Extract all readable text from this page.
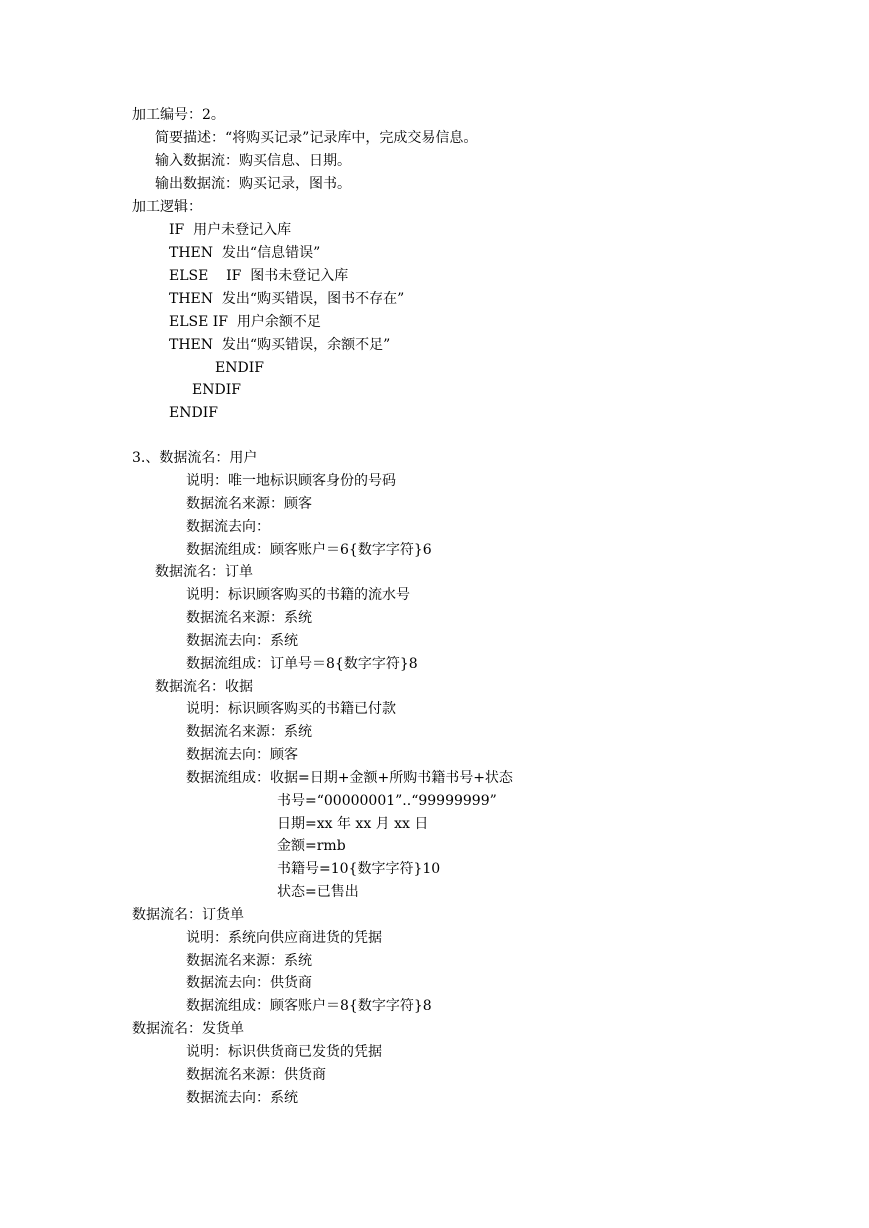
加工编号：2。
简要描述：“将购买记录”记录库中，完成交易信息。
输入数据流：购买信息、日期。
输出数据流：购买记录，图书。
加工逻辑：
IF  用户未登记入库
THEN  发出“信息错误”
ELSE    IF  图书未登记入库
THEN  发出“购买错误，图书不存在”
ELSE IF  用户余额不足
THEN  发出“购买错误，余额不足”
ENDIF
ENDIF
ENDIF
3.、数据流名：用户
说明：唯一地标识顾客身份的号码
数据流名来源：顾客
数据流去向：
数据流组成：顾客账户＝6{数字字符}6
数据流名：订单
说明：标识顾客购买的书籍的流水号
数据流名来源：系统
数据流去向：系统
数据流组成：订单号＝8{数字字符}8
数据流名：收据
说明：标识顾客购买的书籍已付款
数据流名来源：系统
数据流去向：顾客
数据流组成：收据=日期+金额+所购书籍书号+状态
书号=“00000001”..“99999999”
日期=xx 年 xx 月 xx 日
金额=rmb
书籍号=10{数字字符}10
状态=已售出
数据流名：订货单
说明：系统向供应商进货的凭据
数据流名来源：系统
数据流去向：供货商
数据流组成：顾客账户＝8{数字字符}8
数据流名：发货单
说明：标识供货商已发货的凭据
数据流名来源：供货商
数据流去向：系统
